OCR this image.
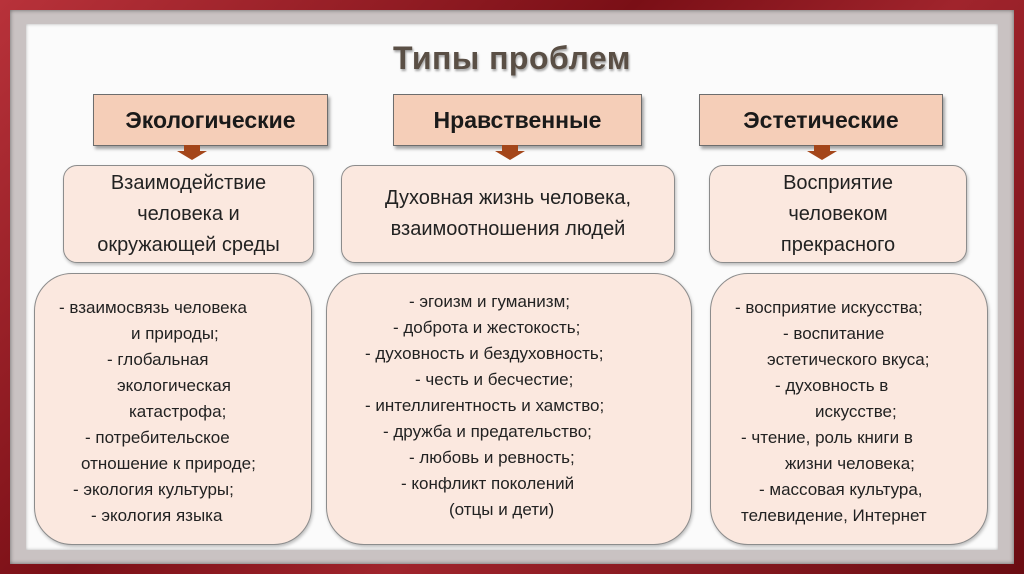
Типы проблем
Экологические
Взаимодействие
человека и
окружающей среды
- взаимосвязь человека
и природы;
- глобальная
экологическая
катастрофа;
- потребительское
отношение к природе;
- экология культуры;
- экология языка
Нравственные
Духовная жизнь человека,
взаимоотношения людей
- эгоизм и гуманизм;
- доброта и жестокость;
- духовность и бездуховность;
- честь и бесчестие;
- интеллигентность и хамство;
- дружба и предательство;
- любовь и ревность;
- конфликт поколений
(отцы и дети)
Эстетические
Восприятие
человеком
прекрасного
- восприятие искусства;
- воспитание
эстетического вкуса;
- духовность в
искусстве;
- чтение, роль книги в
жизни человека;
- массовая культура,
телевидение, Интернет
